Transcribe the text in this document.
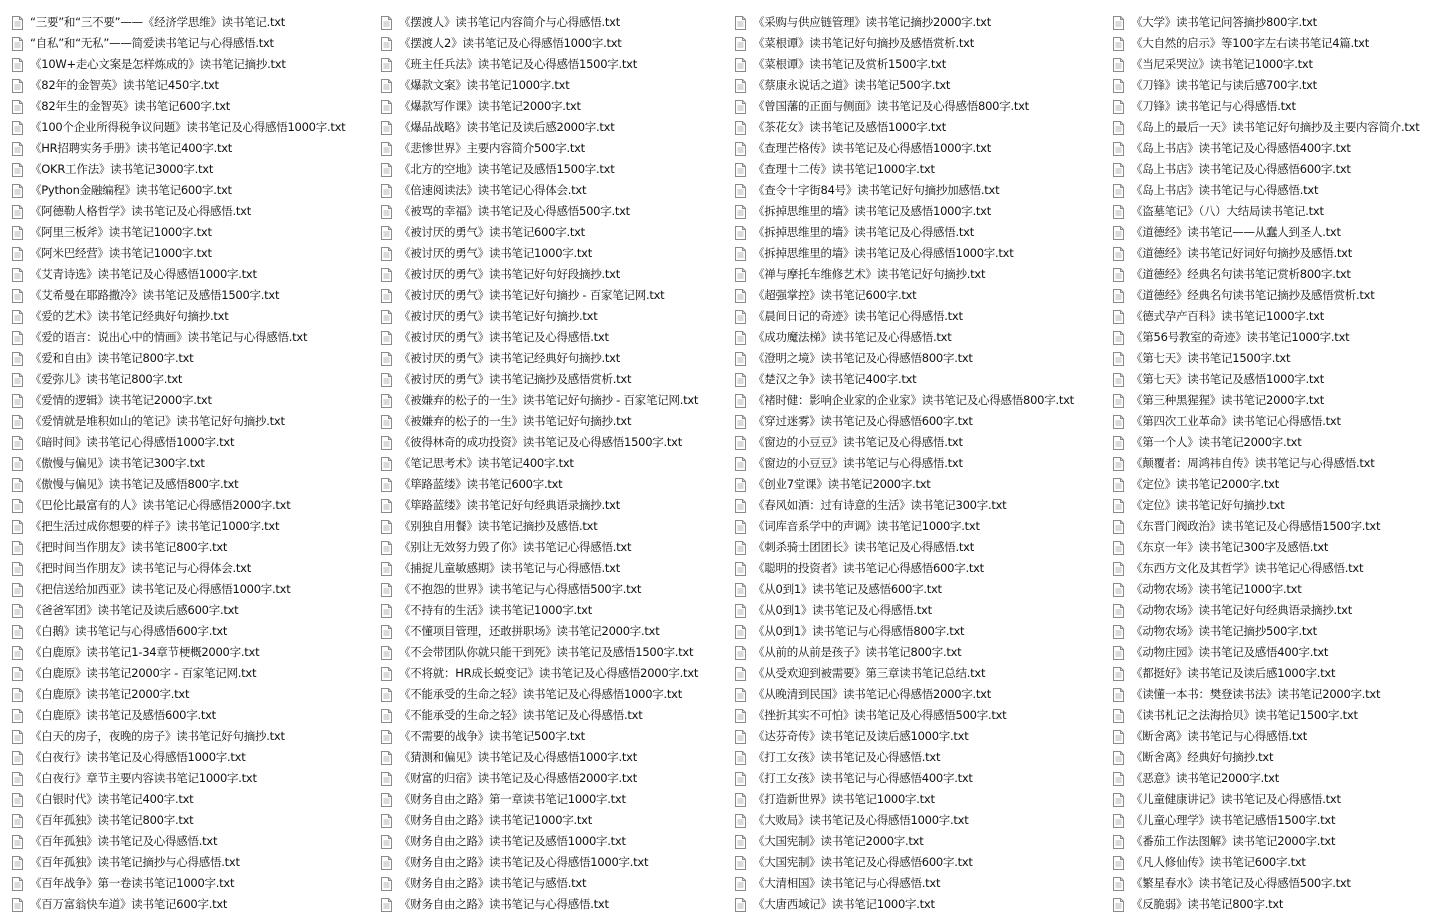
“三要”和“三不要”——《经济学思维》读书笔记.txt
“自私”和“无私”——简爱读书笔记与心得感悟.txt
《10W+走心文案是怎样炼成的》读书笔记摘抄.txt
《82年的金智英》读书笔记450字.txt
《82年生的金智英》读书笔记600字.txt
《100个企业所得税争议问题》读书笔记及心得感悟1000字.txt
《HR招聘实务手册》读书笔记400字.txt
《OKR工作法》读书笔记3000字.txt
《Python金融编程》读书笔记600字.txt
《阿德勒人格哲学》读书笔记及心得感悟.txt
《阿里三板斧》读书笔记1000字.txt
《阿米巴经营》读书笔记1000字.txt
《艾青诗选》读书笔记及心得感悟1000字.txt
《艾希曼在耶路撒冷》读书笔记及感悟1500字.txt
《爱的艺术》读书笔记经典好句摘抄.txt
《爱的语言：说出心中的情画》读书笔记与心得感悟.txt
《爱和自由》读书笔记800字.txt
《爱弥儿》读书笔记800字.txt
《爱情的逻辑》读书笔记2000字.txt
《爱情就是堆积如山的笔记》读书笔记好句摘抄.txt
《暗时间》读书笔记心得感悟1000字.txt
《傲慢与偏见》读书笔记300字.txt
《傲慢与偏见》读书笔记及感悟800字.txt
《巴伦比最富有的人》读书笔记心得感悟2000字.txt
《把生活过成你想要的样子》读书笔记1000字.txt
《把时间当作朋友》读书笔记800字.txt
《把时间当作朋友》读书笔记与心得体会.txt
《把信送给加西亚》读书笔记及心得感悟1000字.txt
《爸爸军团》读书笔记及读后感600字.txt
《白鹅》读书笔记与心得感悟600字.txt
《白鹿原》读书笔记1-34章节梗概2000字.txt
《白鹿原》读书笔记2000字 - 百家笔记网.txt
《白鹿原》读书笔记2000字.txt
《白鹿原》读书笔记及感悟600字.txt
《白天的房子，夜晚的房子》读书笔记好句摘抄.txt
《白夜行》读书笔记及心得感悟1000字.txt
《白夜行》章节主要内容读书笔记1000字.txt
《白银时代》读书笔记400字.txt
《百年孤独》读书笔记800字.txt
《百年孤独》读书笔记及心得感悟.txt
《百年孤独》读书笔记摘抄与心得感悟.txt
《百年战争》第一卷读书笔记1000字.txt
《百万富翁快车道》读书笔记600字.txt
《摆渡人》读书笔记内容简介与心得感悟.txt
《摆渡人2》读书笔记及心得感悟1000字.txt
《班主任兵法》读书笔记及心得感悟1500字.txt
《爆款文案》读书笔记1000字.txt
《爆款写作课》读书笔记2000字.txt
《爆品战略》读书笔记及读后感2000字.txt
《悲惨世界》主要内容简介500字.txt
《北方的空地》读书笔记及感悟1500字.txt
《倍速阅读法》读书笔记心得体会.txt
《被骂的幸福》读书笔记及心得感悟500字.txt
《被讨厌的勇气》读书笔记600字.txt
《被讨厌的勇气》读书笔记1000字.txt
《被讨厌的勇气》读书笔记好句好段摘抄.txt
《被讨厌的勇气》读书笔记好句摘抄 - 百家笔记网.txt
《被讨厌的勇气》读书笔记好句摘抄.txt
《被讨厌的勇气》读书笔记及心得感悟.txt
《被讨厌的勇气》读书笔记经典好句摘抄.txt
《被讨厌的勇气》读书笔记摘抄及感悟赏析.txt
《被嫌弃的松子的一生》读书笔记好句摘抄 - 百家笔记网.txt
《被嫌弃的松子的一生》读书笔记好句摘抄.txt
《彼得林奇的成功投资》读书笔记及心得感悟1500字.txt
《笔记思考术》读书笔记400字.txt
《筚路蓝缕》读书笔记600字.txt
《筚路蓝缕》读书笔记好句经典语录摘抄.txt
《别独自用餐》读书笔记摘抄及感悟.txt
《别让无效努力毁了你》读书笔记心得感悟.txt
《捕捉儿童敏感期》读书笔记与心得感悟.txt
《不抱怨的世界》读书笔记与心得感悟500字.txt
《不持有的生活》读书笔记1000字.txt
《不懂项目管理，还敢拼职场》读书笔记2000字.txt
《不会带团队你就只能干到死》读书笔记及感悟1500字.txt
《不将就：HR成长蜕变记》读书笔记及心得感悟2000字.txt
《不能承受的生命之轻》读书笔记及心得感悟1000字.txt
《不能承受的生命之轻》读书笔记及心得感悟.txt
《不需要的战争》读书笔记500字.txt
《猜测和偏见》读书笔记及心得感悟1000字.txt
《财富的归宿》读书笔记及心得感悟2000字.txt
《财务自由之路》第一章读书笔记1000字.txt
《财务自由之路》读书笔记1000字.txt
《财务自由之路》读书笔记及感悟1000字.txt
《财务自由之路》读书笔记及心得感悟1000字.txt
《财务自由之路》读书笔记与感悟.txt
《财务自由之路》读书笔记与心得感悟.txt
《采购与供应链管理》读书笔记摘抄2000字.txt
《菜根谭》读书笔记好句摘抄及感悟赏析.txt
《菜根谭》读书笔记及赏析1500字.txt
《蔡康永说话之道》读书笔记500字.txt
《曾国藩的正面与侧面》读书笔记及心得感悟800字.txt
《茶花女》读书笔记及感悟1000字.txt
《查理芒格传》读书笔记及心得感悟1000字.txt
《查理十二传》读书笔记1000字.txt
《查令十字街84号》读书笔记好句摘抄加感悟.txt
《拆掉思维里的墙》读书笔记及感悟1000字.txt
《拆掉思维里的墙》读书笔记及心得感悟.txt
《拆掉思维里的墙》读书笔记及心得感悟1000字.txt
《禅与摩托车维修艺术》读书笔记好句摘抄.txt
《超强掌控》读书笔记600字.txt
《晨间日记的奇迹》读书笔记心得感悟.txt
《成功魔法梯》读书笔记及心得感悟.txt
《澄明之境》读书笔记及心得感悟800字.txt
《楚汉之争》读书笔记400字.txt
《褚时健：影响企业家的企业家》读书笔记及心得感悟800字.txt
《穿过迷雾》读书笔记及心得感悟600字.txt
《窗边的小豆豆》读书笔记及心得感悟.txt
《窗边的小豆豆》读书笔记与心得感悟.txt
《创业7堂课》读书笔记2000字.txt
《春风如酒：过有诗意的生活》读书笔记300字.txt
《词库音系学中的声调》读书笔记1000字.txt
《刺杀骑士团团长》读书笔记及心得感悟.txt
《聪明的投资者》读书笔记心得感悟600字.txt
《从0到1》读书笔记及感悟600字.txt
《从0到1》读书笔记及心得感悟.txt
《从0到1》读书笔记与心得感悟800字.txt
《从前的从前是孩子》读书笔记800字.txt
《从受欢迎到被需要》第三章读书笔记总结.txt
《从晚清到民国》读书笔记心得感悟2000字.txt
《挫折其实不可怕》读书笔记及心得感悟500字.txt
《达芬奇传》读书笔记及读后感1000字.txt
《打工女孩》读书笔记及心得感悟.txt
《打工女孩》读书笔记与心得感悟400字.txt
《打造新世界》读书笔记1000字.txt
《大败局》读书笔记及心得感悟1000字.txt
《大国宪制》读书笔记2000字.txt
《大国宪制》读书笔记及心得感悟600字.txt
《大清相国》读书笔记与心得感悟.txt
《大唐西域记》读书笔记1000字.txt
《大学》读书笔记问答摘抄800字.txt
《大自然的启示》等100字左右读书笔记4篇.txt
《当尼采哭泣》读书笔记1000字.txt
《刀锋》读书笔记与读后感700字.txt
《刀锋》读书笔记与心得感悟.txt
《岛上的最后一天》读书笔记好句摘抄及主要内容简介.txt
《岛上书店》读书笔记及心得感悟400字.txt
《岛上书店》读书笔记及心得感悟600字.txt
《岛上书店》读书笔记与心得感悟.txt
《盗墓笔记》（八）大结局读书笔记.txt
《道德经》读书笔记——从蠢人到圣人.txt
《道德经》读书笔记好词好句摘抄及感悟.txt
《道德经》经典名句读书笔记赏析800字.txt
《道德经》经典名句读书笔记摘抄及感悟赏析.txt
《德式孕产百科》读书笔记1000字.txt
《第56号教室的奇迹》读书笔记1000字.txt
《第七天》读书笔记1500字.txt
《第七天》读书笔记及感悟1000字.txt
《第三种黑猩猩》读书笔记2000字.txt
《第四次工业革命》读书笔记心得感悟.txt
《第一个人》读书笔记2000字.txt
《颠覆者：周鸿祎自传》读书笔记与心得感悟.txt
《定位》读书笔记2000字.txt
《定位》读书笔记好句摘抄.txt
《东晋门阀政治》读书笔记及心得感悟1500字.txt
《东京一年》读书笔记300字及感悟.txt
《东西方文化及其哲学》读书笔记心得感悟.txt
《动物农场》读书笔记1000字.txt
《动物农场》读书笔记好句经典语录摘抄.txt
《动物农场》读书笔记摘抄500字.txt
《动物庄园》读书笔记及感悟400字.txt
《都挺好》读书笔记及读后感1000字.txt
《读懂一本书：樊登读书法》读书笔记2000字.txt
《读书札记之法海拾贝》读书笔记1500字.txt
《断舍离》读书笔记与心得感悟.txt
《断舍离》经典好句摘抄.txt
《恶意》读书笔记2000字.txt
《儿童健康讲记》读书笔记及心得感悟.txt
《儿童心理学》读书笔记感悟1500字.txt
《番茄工作法图解》读书笔记2000字.txt
《凡人修仙传》读书笔记600字.txt
《繁星春水》读书笔记及心得感悟500字.txt
《反脆弱》读书笔记800字.txt
